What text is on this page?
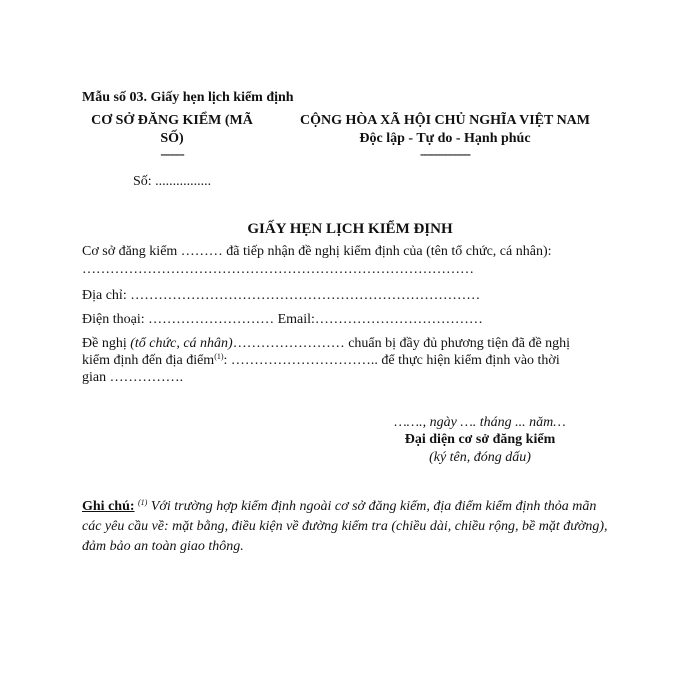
Mẫu số 03. Giấy hẹn lịch kiểm định
CƠ SỞ ĐĂNG KIỂM (MÃ
SỐ)
-------
CỘNG HÒA XÃ HỘI CHỦ NGHĨA VIỆT NAM
Độc lập - Tự do - Hạnh phúc
---------------
Số: ................
GIẤY HẸN LỊCH KIỂM ĐỊNH
Cơ sở đăng kiểm ……… đã tiếp nhận đề nghị kiểm định của (tên tổ chức, cá nhân):
…………………………………………………………………………
Địa chỉ: …………………………………………………………………
Điện thoại: ……………………… Email:………………………………
Đề nghị (tổ chức, cá nhân)…………………… chuẩn bị đầy đủ phương tiện đã đề nghị
kiểm định đến địa điểm$^{(1)}$: ………………………….. để thực hiện kiểm định vào thời
gian …………….
……., ngày …. tháng ... năm…
Đại diện cơ sở đăng kiểm
(ký tên, đóng dấu)
Ghi chú: $^{(1)}$ Với trường hợp kiểm định ngoài cơ sở đăng kiểm, địa điểm kiểm định thỏa mãn các yêu cầu về: mặt bằng, điều kiện về đường kiểm tra (chiều dài, chiều rộng, bề mặt đường), đảm bảo an toàn giao thông.
